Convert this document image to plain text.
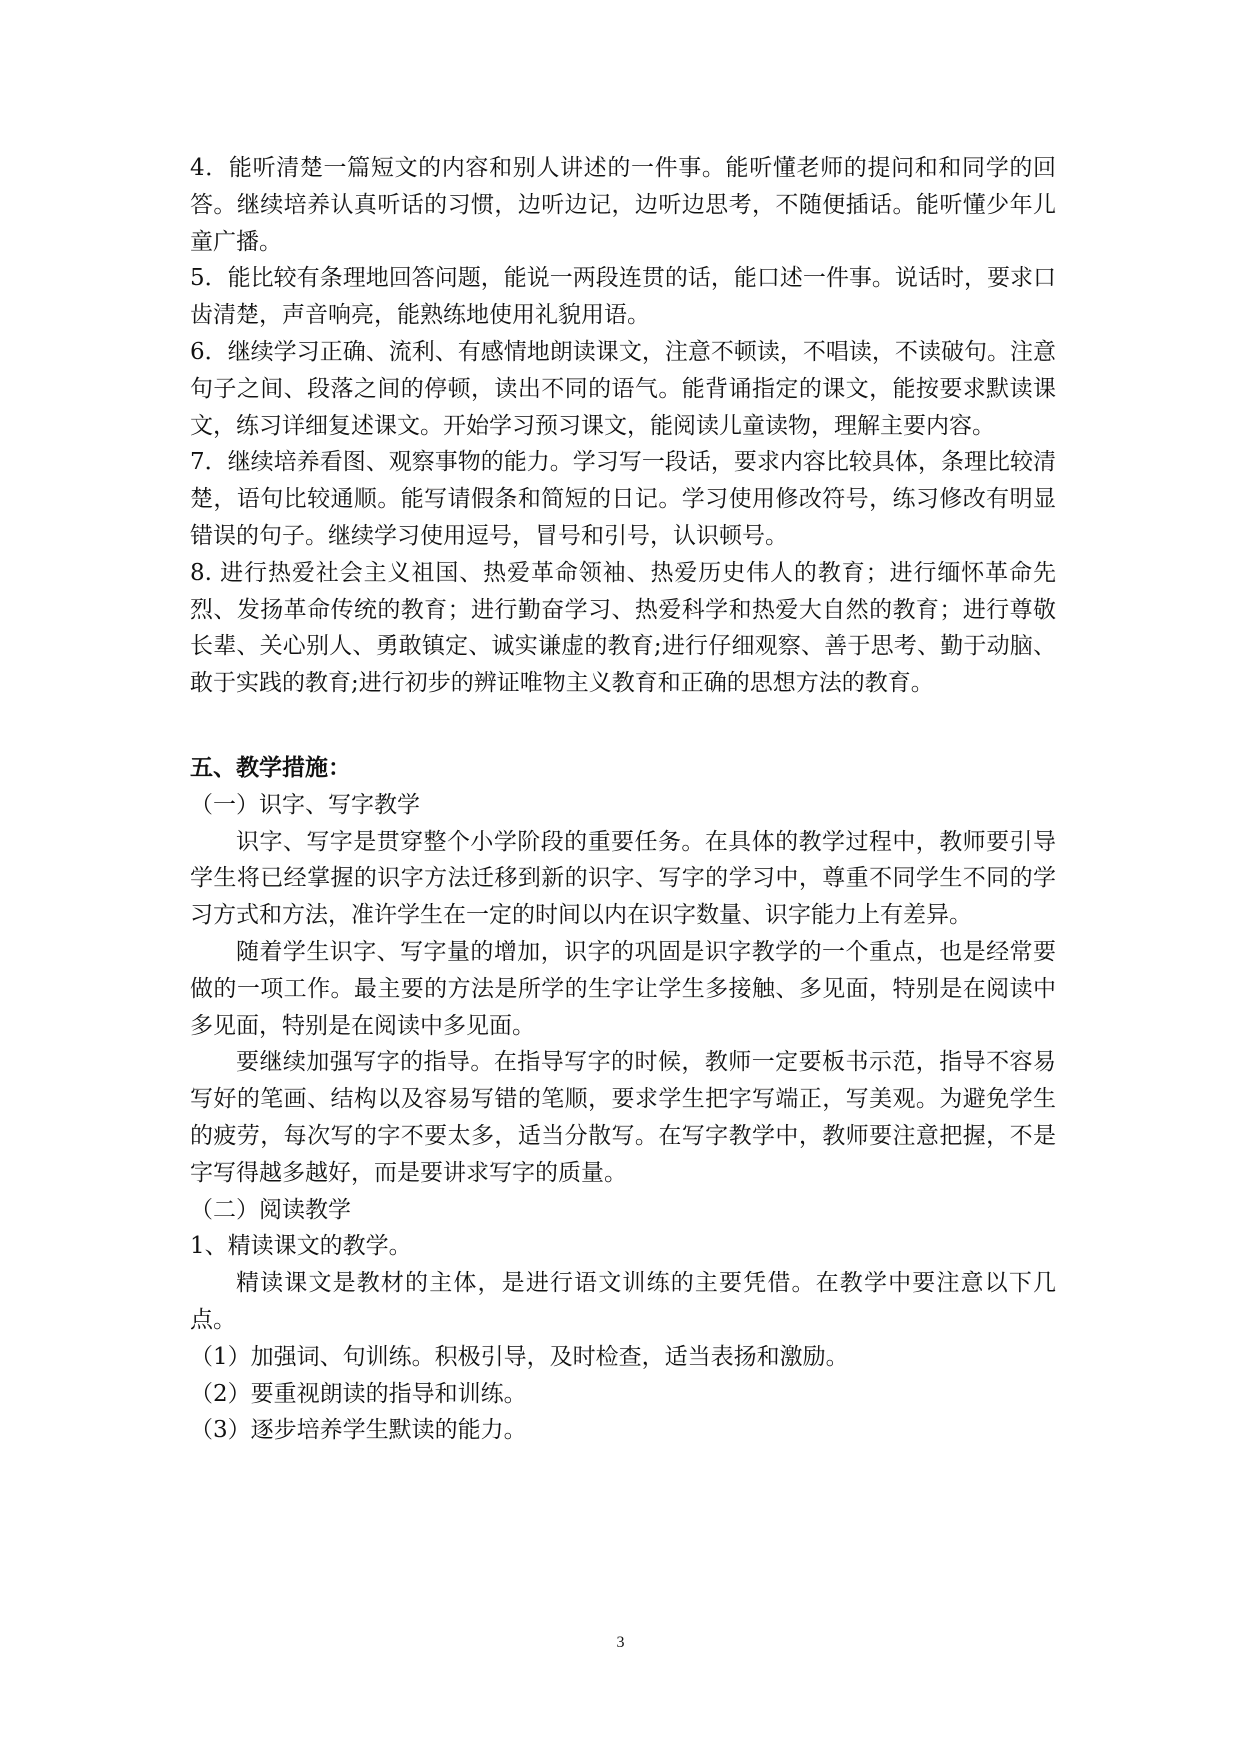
4．能听清楚一篇短文的内容和别人讲述的一件事。能听懂老师的提问和和同学的回答。继续培养认真听话的习惯，边听边记，边听边思考，不随便插话。能听懂少年儿童广播。

5．能比较有条理地回答问题，能说一两段连贯的话，能口述一件事。说话时，要求口齿清楚，声音响亮，能熟练地使用礼貌用语。

6．继续学习正确、流利、有感情地朗读课文，注意不顿读，不唱读，不读破句。注意句子之间、段落之间的停顿，读出不同的语气。能背诵指定的课文，能按要求默读课文，练习详细复述课文。开始学习预习课文，能阅读儿童读物，理解主要内容。

7．继续培养看图、观察事物的能力。学习写一段话，要求内容比较具体，条理比较清楚，语句比较通顺。能写请假条和简短的日记。学习使用修改符号，练习修改有明显错误的句子。继续学习使用逗号，冒号和引号，认识顿号。

8. 进行热爱社会主义祖国、热爱革命领袖、热爱历史伟人的教育；进行缅怀革命先烈、发扬革命传统的教育；进行勤奋学习、热爱科学和热爱大自然的教育；进行尊敬长辈、关心别人、勇敢镇定、诚实谦虚的教育;进行仔细观察、善于思考、勤于动脑、敢于实践的教育;进行初步的辨证唯物主义教育和正确的思想方法的教育。

五、教学措施：

（一）识字、写字教学

识字、写字是贯穿整个小学阶段的重要任务。在具体的教学过程中，教师要引导学生将已经掌握的识字方法迁移到新的识字、写字的学习中，尊重不同学生不同的学习方式和方法，准许学生在一定的时间以内在识字数量、识字能力上有差异。

随着学生识字、写字量的增加，识字的巩固是识字教学的一个重点，也是经常要做的一项工作。最主要的方法是所学的生字让学生多接触、多见面，特别是在阅读中多见面，特别是在阅读中多见面。

要继续加强写字的指导。在指导写字的时候，教师一定要板书示范，指导不容易写好的笔画、结构以及容易写错的笔顺，要求学生把字写端正，写美观。为避免学生的疲劳，每次写的字不要太多，适当分散写。在写字教学中，教师要注意把握，不是字写得越多越好，而是要讲求写字的质量。

（二）阅读教学

1、精读课文的教学。

精读课文是教材的主体，是进行语文训练的主要凭借。在教学中要注意以下几点。

（1）加强词、句训练。积极引导，及时检查，适当表扬和激励。

（2）要重视朗读的指导和训练。

（3）逐步培养学生默读的能力。

3
